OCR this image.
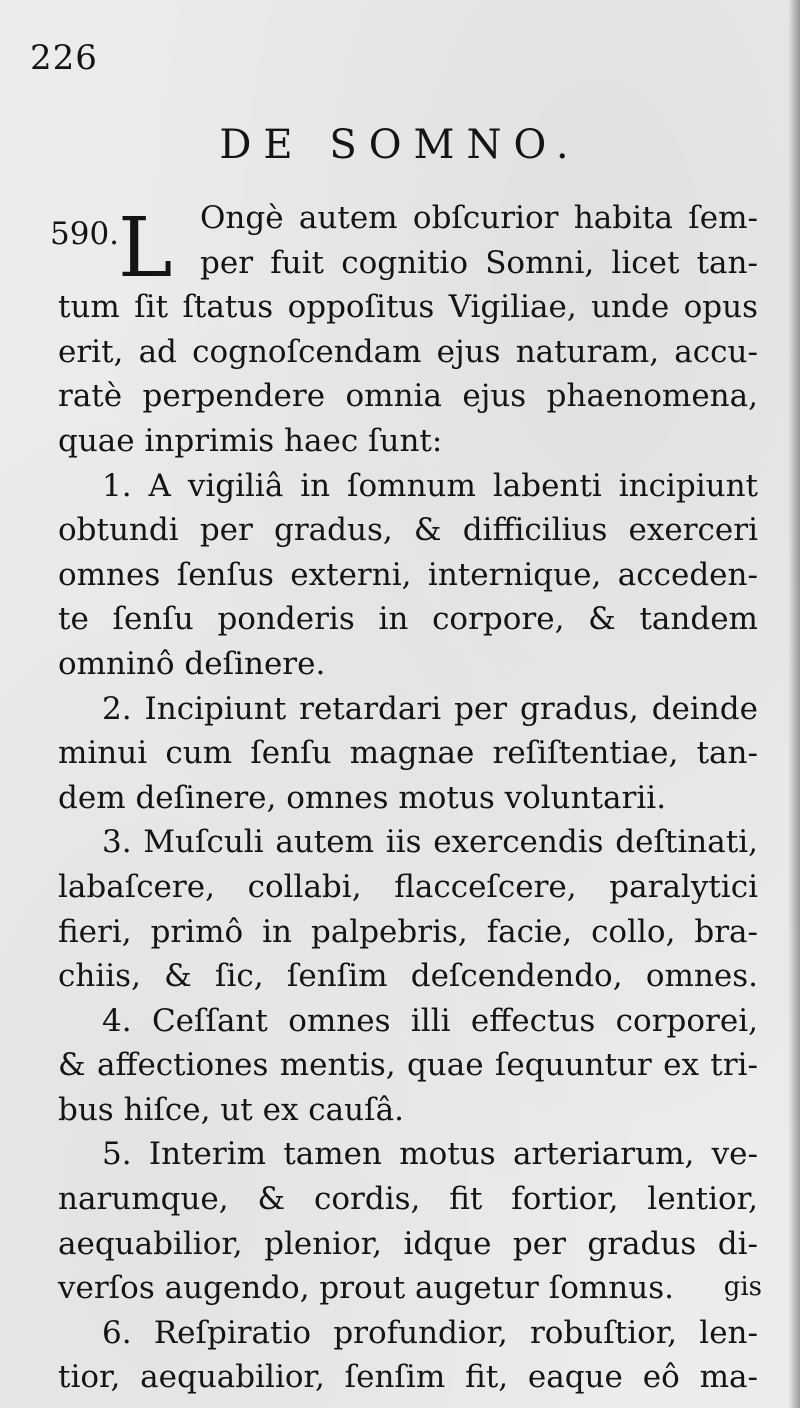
226
DE SOMNO.
590.
L Ongè autem obſcurior habita ſem-
per fuit cognitio Somni, licet tan-
tum ſit ſtatus oppoſitus Vigiliae, unde opus
erit, ad cognoſcendam ejus naturam, accu-
ratè perpendere omnia ejus phaenomena,
quae inprimis haec ſunt:
1. A vigiliâ in ſomnum labenti incipiunt
obtundi per gradus, & difficilius exerceri
omnes ſenſus externi, internique, acceden-
te ſenſu ponderis in corpore, & tandem
omninô deſinere.
2. Incipiunt retardari per gradus, deinde
minui cum ſenſu magnae reſiſtentiae, tan-
dem deſinere, omnes motus voluntarii.
3. Muſculi autem iis exercendis deſtinati,
labaſcere, collabi, flacceſcere, paralytici
fieri, primô in palpebris, facie, collo, bra-
chiis, & ſic, ſenſim deſcendendo, omnes.
4. Ceſſant omnes illi effectus corporei,
& affectiones mentis, quae ſequuntur ex tri-
bus hiſce, ut ex cauſâ.
5. Interim tamen motus arteriarum, ve-
narumque, & cordis, fit fortior, lentior,
aequabilior, plenior, idque per gradus di-
verſos augendo, prout augetur ſomnus.
6. Reſpiratio profundior, robuſtior, len-
tior, aequabilior, ſenſim fit, eaque eô ma-
gis
